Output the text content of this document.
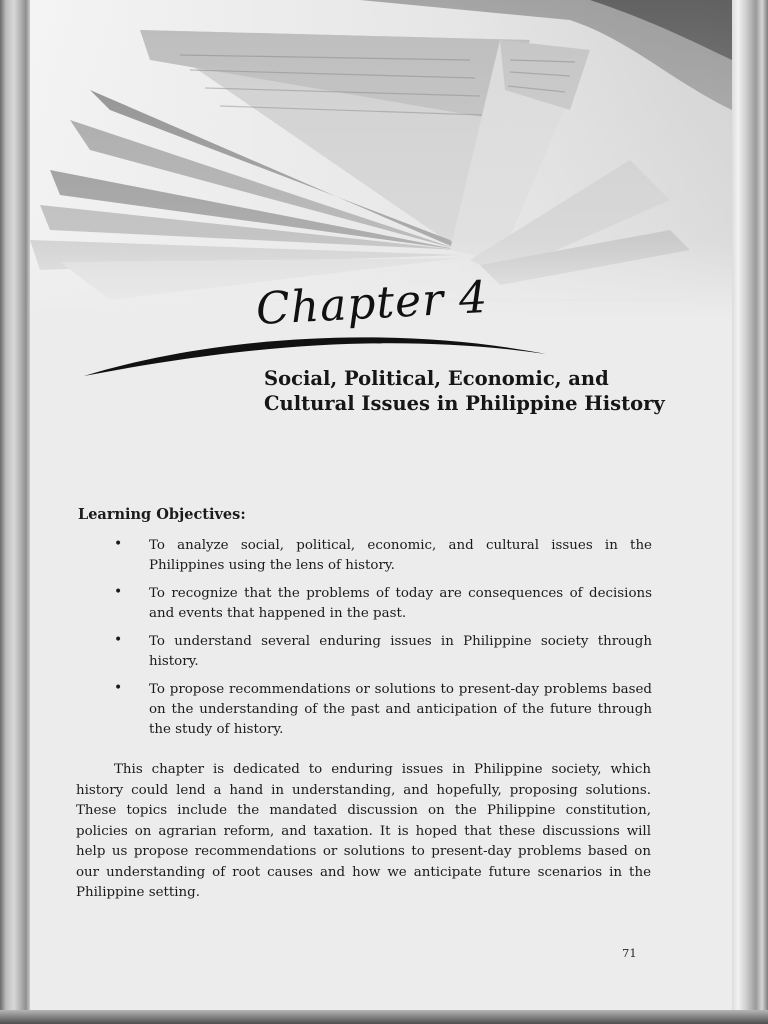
Chapter 4
Social, Political, Economic, and Cultural Issues in Philippine History
Learning Objectives:
• To analyze social, political, economic, and cultural issues in the Philippines using the lens of history.
• To recognize that the problems of today are consequences of decisions and events that happened in the past.
• To understand several enduring issues in Philippine society through history.
• To propose recommendations or solutions to present-day problems based on the understanding of the past and anticipation of the future through the study of history.

This chapter is dedicated to enduring issues in Philippine society, which history could lend a hand in understanding, and hopefully, proposing solutions. These topics include the mandated discussion on the Philippine constitution, policies on agrarian reform, and taxation. It is hoped that these discussions will help us propose recommendations or solutions to present-day problems based on our understanding of root causes and how we anticipate future scenarios in the Philippine setting.

71
